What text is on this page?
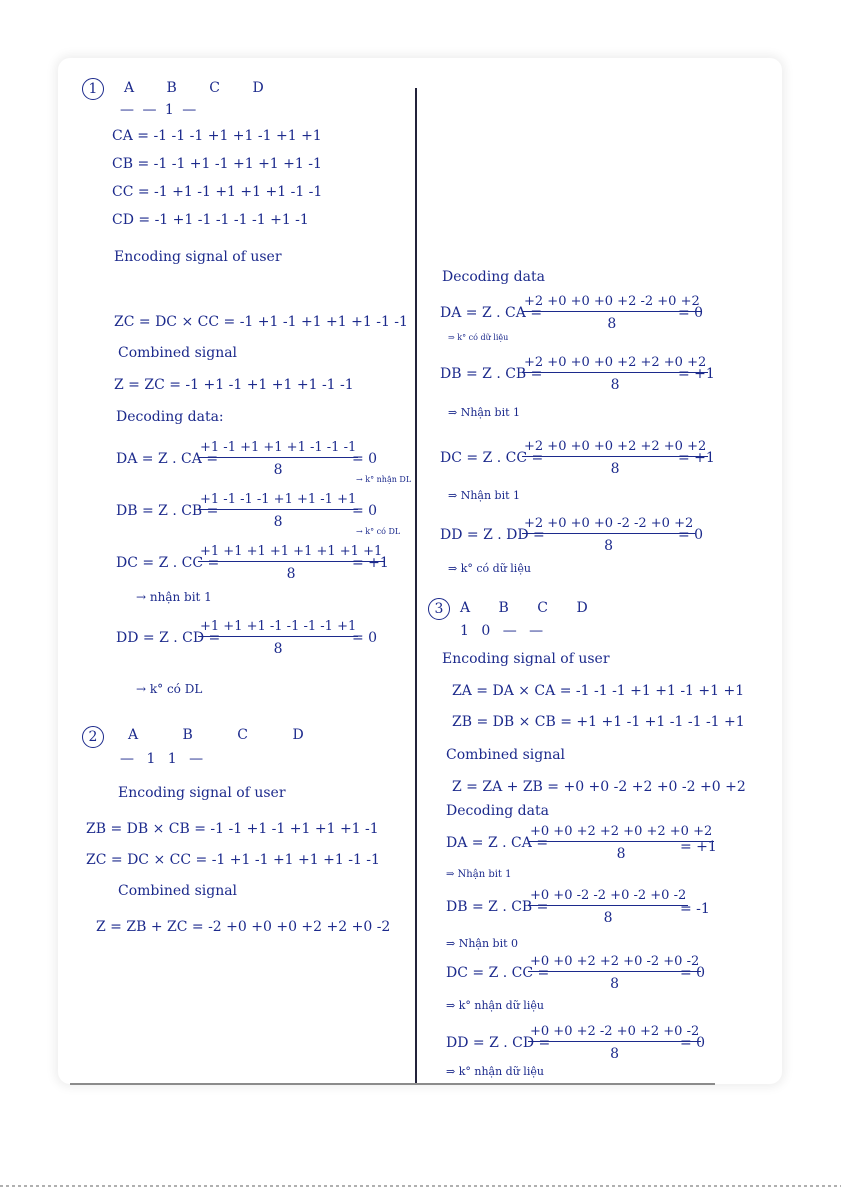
1	A B C D
— — 1 —
CA = -1 -1 -1 +1 +1 -1 +1 +1
CB = -1 -1 +1 -1 +1 +1 +1 -1
CC = -1 +1 -1 +1 +1 +1 -1 -1
CD = -1 +1 -1 -1 -1 -1 +1 -1
Encoding signal of user
ZC = DC × CC = -1 +1 -1 +1 +1 +1 -1 -1
Combined signal
Z = ZC = -1 +1 -1 +1 +1 +1 -1 -1
Decoding data:
DA = Z . CA =
$\frac{+1 -1 +1 +1 +1 -1 -1 -1}{8}$
= 0
→ k° nhận DL
DB = Z . CB =
$\frac{+1 -1 -1 -1 +1 +1 -1 +1}{8}$
= 0
→ k° có DL
DC = Z . CC =
$\frac{+1 +1 +1 +1 +1 +1 +1 +1}{8}$
= +1
→ nhận bit 1
DD = Z . CD =
$\frac{+1 +1 +1 -1 -1 -1 -1 +1}{8}$
= 0
→ k° có DL
2	A B C D
— 1 1 —
Encoding signal of user
ZB = DB × CB = -1 -1 +1 -1 +1 +1 +1 -1
ZC = DC × CC = -1 +1 -1 +1 +1 +1 -1 -1
Combined signal
Z = ZB + ZC = -2 +0 +0 +0 +2 +2 +0 -2
Decoding data
DA = Z . CA =
$\frac{+2 +0 +0 +0 +2 -2 +0 +2}{8}$
= 0
⇒ k° có dữ liệu
DB = Z . CB =
$\frac{+2 +0 +0 +0 +2 +2 +0 +2}{8}$
= +1
⇒ Nhận bit 1
DC = Z . CC =
$\frac{+2 +0 +0 +0 +2 +2 +0 +2}{8}$
= +1
⇒ Nhận bit 1
DD = Z . DD =
$\frac{+2 +0 +0 +0 -2 -2 +0 +2}{8}$
= 0
⇒ k° có dữ liệu
3	A B C D
1 0 — —
Encoding signal of user
ZA = DA × CA = -1 -1 -1 +1 +1 -1 +1 +1
ZB = DB × CB = +1 +1 -1 +1 -1 -1 -1 +1
Combined signal
Z = ZA + ZB = +0 +0 -2 +2 +0 -2 +0 +2
Decoding data
DA = Z . CA =
$\frac{+0 +0 +2 +2 +0 +2 +0 +2}{8}$
= +1
⇒ Nhận bit 1
DB = Z . CB =
$\frac{+0 +0 -2 -2 +0 -2 +0 -2}{8}$
= -1
⇒ Nhận bit 0
DC = Z . CC =
$\frac{+0 +0 +2 +2 +0 -2 +0 -2}{8}$
= 0
⇒ k° nhận dữ liệu
DD = Z . CD =
$\frac{+0 +0 +2 -2 +0 +2 +0 -2}{8}$
= 0
⇒ k° nhận dữ liệu
